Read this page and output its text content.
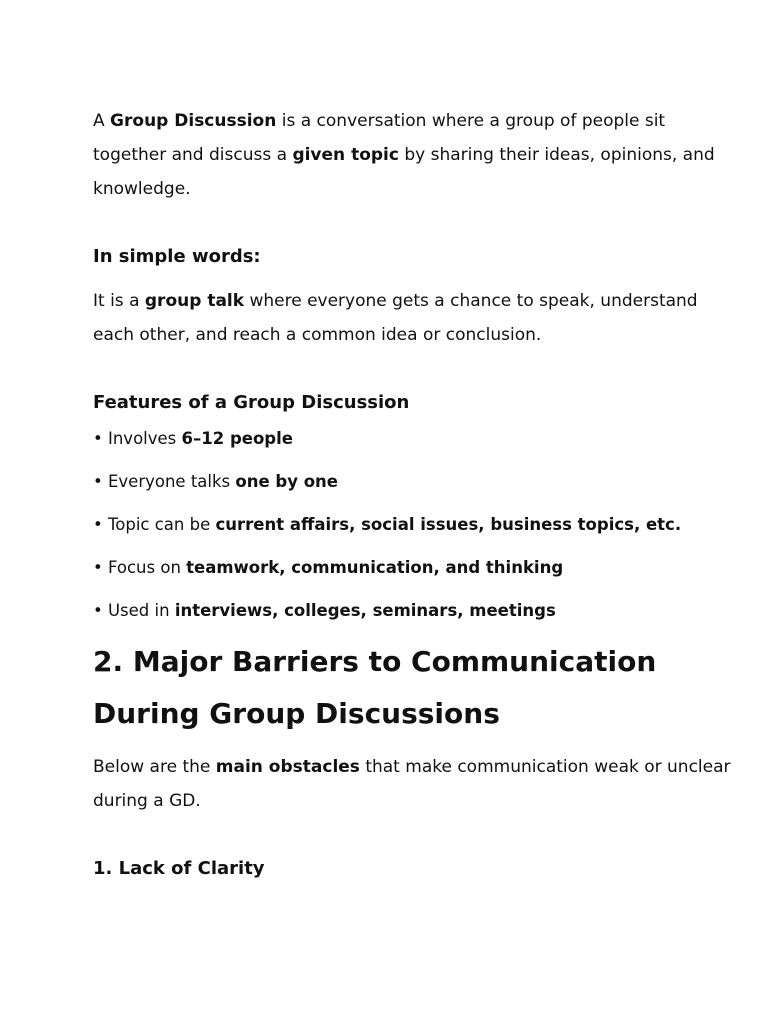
A Group Discussion is a conversation where a group of people sit together and discuss a given topic by sharing their ideas, opinions, and knowledge.

In simple words:

It is a group talk where everyone gets a chance to speak, understand each other, and reach a common idea or conclusion.

Features of a Group Discussion

• Involves 6–12 people

• Everyone talks one by one

• Topic can be current affairs, social issues, business topics, etc.

• Focus on teamwork, communication, and thinking

• Used in interviews, colleges, seminars, meetings

2. Major Barriers to Communication

During Group Discussions

Below are the main obstacles that make communication weak or unclear during a GD.

1. Lack of Clarity
